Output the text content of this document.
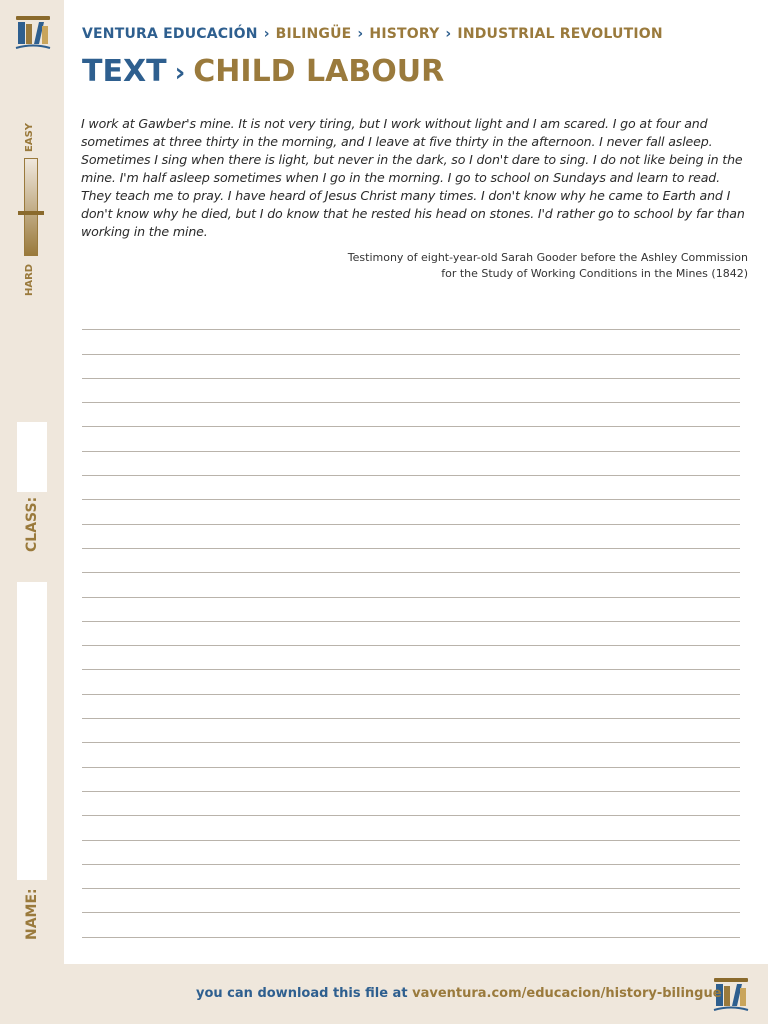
EASY
HARD
CLASS:
NAME:
VENTURA EDUCACIÓN › BILINGÜE › HISTORY › INDUSTRIAL REVOLUTION
TEXT › CHILD LABOUR

I work at Gawber's mine. It is not very tiring, but I work without light and I am scared. I go at four and sometimes at three thirty in the morning, and I leave at five thirty in the afternoon. I never fall asleep. Sometimes I sing when there is light, but never in the dark, so I don't dare to sing. I do not like being in the mine. I'm half asleep sometimes when I go in the morning. I go to school on Sundays and learn to read. They teach me to pray. I have heard of Jesus Christ many times. I don't know why he came to Earth and I don't know why he died, but I do know that he rested his head on stones. I'd rather go to school by far than working in the mine.

Testimony of eight-year-old Sarah Gooder before the Ashley Commission
for the Study of Working Conditions in the Mines (1842)
you can download this file at vaventura.com/educacion/history-bilingue
